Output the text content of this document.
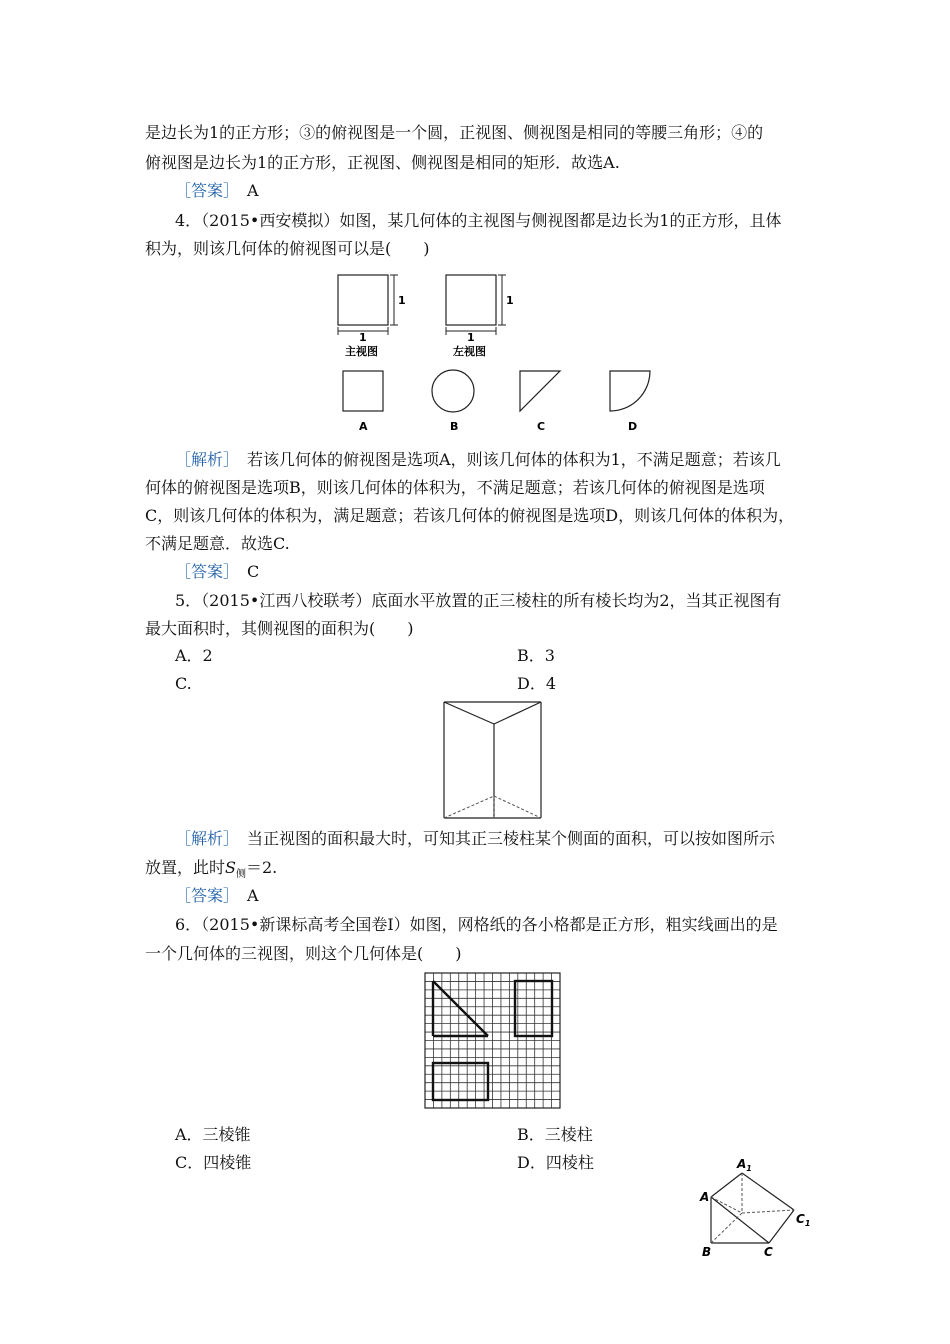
是边长为1的正方形；③的俯视图是一个圆，正视图、侧视图是相同的等腰三角形；④的
俯视图是边长为1的正方形，正视图、侧视图是相同的矩形．故选A.
［答案］　 A
4．（2015•西安模拟）如图，某几何体的主视图与侧视图都是边长为1的正方形，且体
积为，则该几何体的俯视图可以是(　　)
1
1
主视图
1
1
左视图
A	B	C	D
［解析］　 若该几何体的俯视图是选项A，则该几何体的体积为1，不满足题意；若该几
何体的俯视图是选项B，则该几何体的体积为，不满足题意；若该几何体的俯视图是选项
C，则该几何体的体积为，满足题意；若该几何体的俯视图是选项D，则该几何体的体积为，
不满足题意．故选C.
［答案］　 C
5．（2015•江西八校联考）底面水平放置的正三棱柱的所有棱长均为2，当其正视图有
最大面积时，其侧视图的面积为(　　)
A．2	B．3
C.	D．4
［解析］　 当正视图的面积最大时，可知其正三棱柱某个侧面的面积，可以按如图所示
放置，此时$S_侧=2$.
［答案］　 A
6．（2015•新课标高考全国卷Ⅰ）如图，网格纸的各小格都是正方形，粗实线画出的是
一个几何体的三视图，则这个几何体是(　　)
A．三棱锥	B．三棱柱
C．四棱锥	D．四棱柱	$A_1$
A
$C_1$
B	C
